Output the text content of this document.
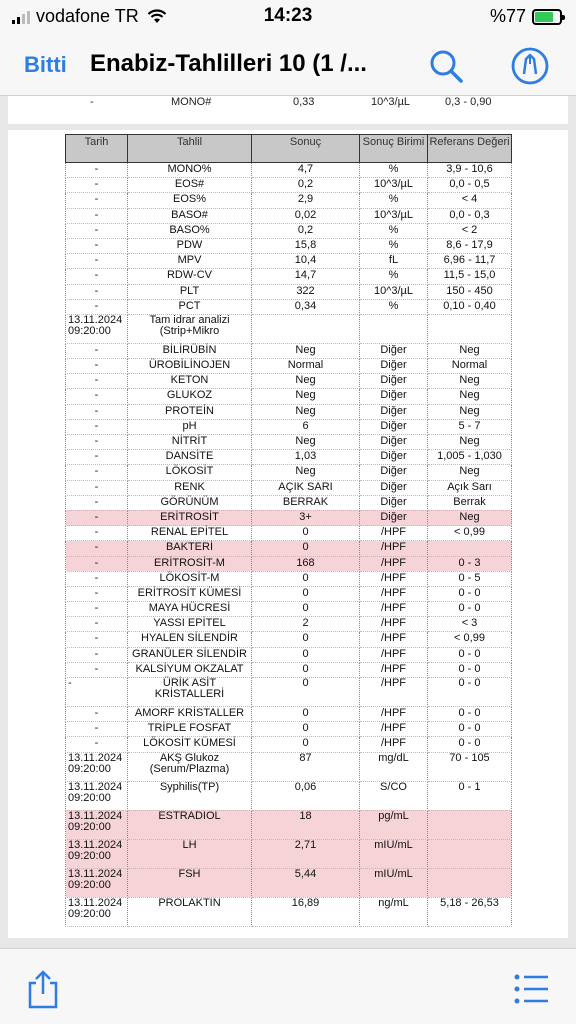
vodafone TR	14:23	%77
Bitti Enabiz-Tahlilleri 10 (1 /...
-	MONO#	0,33	10^3/µL	0,3 - 0,90
Tarih	Tahlil	Sonuç	Sonuç Birimi	Referans Değeri
-	MONO%	4,7	%	3,9 - 10,6
-	EOS#	0,2	10^3/µL	0,0 - 0,5
-	EOS%	2,9	%	< 4
-	BASO#	0,02	10^3/µL	0,0 - 0,3
-	BASO%	0,2	%	< 2
-	PDW	15,8	%	8,6 - 17,9
-	MPV	10,4	fL	6,96 - 11,7
-	RDW-CV	14,7	%	11,5 - 15,0
-	PLT	322	10^3/µL	150 - 450
-	PCT	0,34	%	0,10 - 0,40
13.11.2024 09:20:00	Tam idrar analizi (Strip+Mikro			
-	BİLİRÜBİN	Neg	Diğer	Neg
-	ÜROBİLİNOJEN	Normal	Diğer	Normal
-	KETON	Neg	Diğer	Neg
-	GLUKOZ	Neg	Diğer	Neg
-	PROTEİN	Neg	Diğer	Neg
-	pH	6	Diğer	5 - 7
-	NİTRİT	Neg	Diğer	Neg
-	DANSİTE	1,03	Diğer	1,005 - 1,030
-	LÖKOSİT	Neg	Diğer	Neg
-	RENK	AÇIK SARI	Diğer	Açık Sarı
-	GÖRÜNÜM	BERRAK	Diğer	Berrak
-	ERİTROSİT	3+	Diğer	Neg
-	RENAL EPİTEL	0	/HPF	< 0,99
-	BAKTERİ	0	/HPF	
-	ERİTROSİT-M	168	/HPF	0 - 3
-	LÖKOSİT-M	0	/HPF	0 - 5
-	ERİTROSİT KÜMESİ	0	/HPF	0 - 0
-	MAYA HÜCRESİ	0	/HPF	0 - 0
-	YASSI EPİTEL	2	/HPF	< 3
-	HYALEN SİLENDİR	0	/HPF	< 0,99
-	GRANÜLER SİLENDİR	0	/HPF	0 - 0
-	KALSİYUM OKZALAT	0	/HPF	0 - 0
-	ÜRİK ASİT KRİSTALLERİ	0	/HPF	0 - 0
-	AMORF KRİSTALLER	0	/HPF	0 - 0
-	TRİPLE FOSFAT	0	/HPF	0 - 0
-	LÖKOSİT KÜMESİ	0	/HPF	0 - 0
13.11.2024 09:20:00	AKŞ Glukoz (Serum/Plazma)	87	mg/dL	70 - 105
13.11.2024 09:20:00	Syphilis(TP)	0,06	S/CO	0 - 1
13.11.2024 09:20:00	ESTRADIOL	18	pg/mL	
13.11.2024 09:20:00	LH	2,71	mIU/mL	
13.11.2024 09:20:00	FSH	5,44	mIU/mL	
13.11.2024 09:20:00	PROLAKTIN	16,89	ng/mL	5,18 - 26,53
